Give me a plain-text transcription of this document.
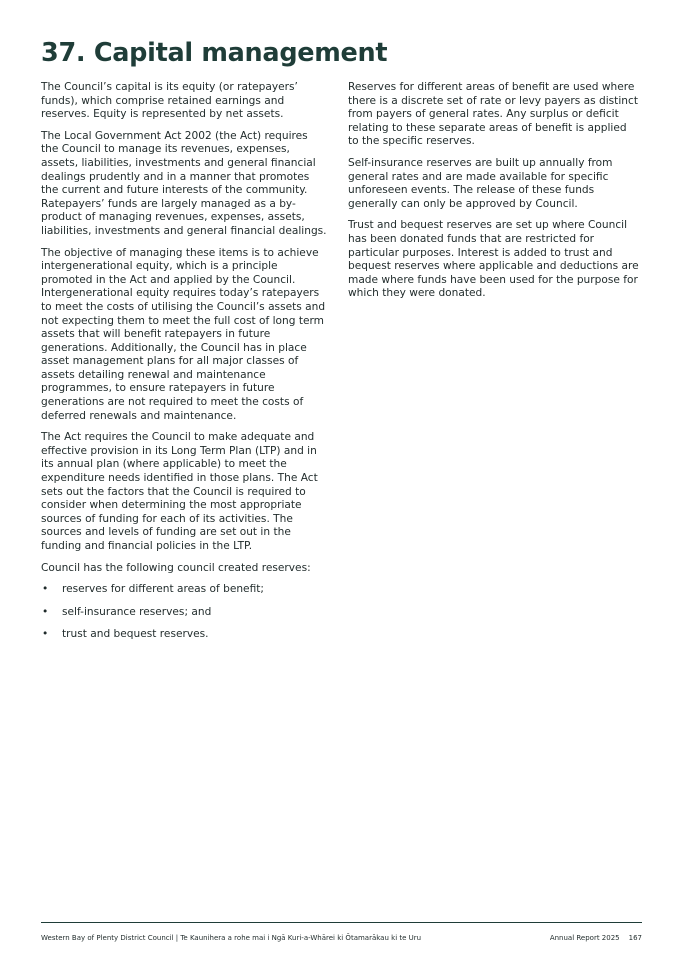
37. Capital management

The Council’s capital is its equity (or ratepayers’ funds), which comprise retained earnings and reserves. Equity is represented by net assets.

The Local Government Act 2002 (the Act) requires the Council to manage its revenues, expenses, assets, liabilities, investments and general financial dealings prudently and in a manner that promotes the current and future interests of the community. Ratepayers’ funds are largely managed as a by-product of managing revenues, expenses, assets, liabilities, investments and general financial dealings.

The objective of managing these items is to achieve intergenerational equity, which is a principle promoted in the Act and applied by the Council. Intergenerational equity requires today’s ratepayers to meet the costs of utilising the Council’s assets and not expecting them to meet the full cost of long term assets that will benefit ratepayers in future generations. Additionally, the Council has in place asset management plans for all major classes of assets detailing renewal and maintenance programmes, to ensure ratepayers in future generations are not required to meet the costs of deferred renewals and maintenance.

The Act requires the Council to make adequate and effective provision in its Long Term Plan (LTP) and in its annual plan (where applicable) to meet the expenditure needs identified in those plans. The Act sets out the factors that the Council is required to consider when determining the most appropriate sources of funding for each of its activities. The sources and levels of funding are set out in the funding and financial policies in the LTP.

Council has the following council created reserves:

• reserves for different areas of benefit;
• self-insurance reserves; and
• trust and bequest reserves.

Reserves for different areas of benefit are used where there is a discrete set of rate or levy payers as distinct from payers of general rates. Any surplus or deficit relating to these separate areas of benefit is applied to the specific reserves.

Self-insurance reserves are built up annually from general rates and are made available for specific unforeseen events. The release of these funds generally can only be approved by Council.

Trust and bequest reserves are set up where Council has been donated funds that are restricted for particular purposes. Interest is added to trust and bequest reserves where applicable and deductions are made where funds have been used for the purpose for which they were donated.

Western Bay of Plenty District Council | Te Kaunihera a rohe mai i Ngā Kuri-a-Whārei ki Ōtamarākau ki te Uru	Annual Report 2025 167
